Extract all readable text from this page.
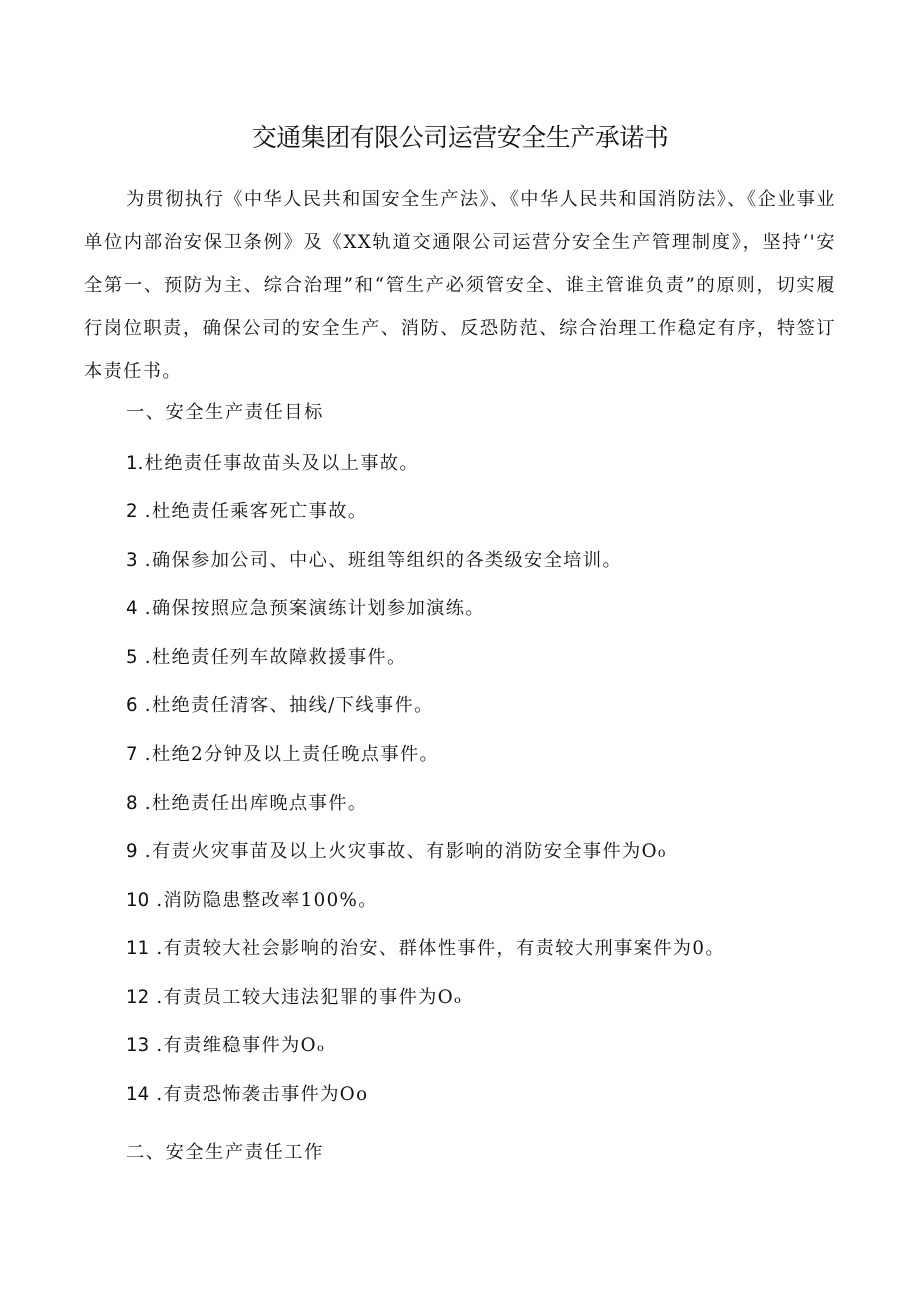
交通集团有限公司运营安全生产承诺书
为贯彻执行《中华人民共和国安全生产法》、《中华人民共和国消防法》、《企业事业单位内部治安保卫条例》及《XX轨道交通限公司运营分安全生产管理制度》，坚持‘'安全第一、预防为主、综合治理”和“管生产必须管安全、谁主管谁负责”的原则，切实履行岗位职责，确保公司的安全生产、消防、反恐防范、综合治理工作稳定有序，特签订本责任书。
一、安全生产责任目标
1.杜绝责任事故苗头及以上事故。
2 .杜绝责任乘客死亡事故。
3 .确保参加公司、中心、班组等组织的各类级安全培训。
4 .确保按照应急预案演练计划参加演练。
5 .杜绝责任列车故障救援事件。
6 .杜绝责任清客、抽线/下线事件。
7 .杜绝2分钟及以上责任晚点事件。
8 .杜绝责任出库晚点事件。
9 .有责火灾事苗及以上火灾事故、有影响的消防安全事件为O₀
10 .消防隐患整改率100%。
11 .有责较大社会影响的治安、群体性事件，有责较大刑事案件为0。
12 .有责员工较大违法犯罪的事件为Oₒ
13 .有责维稳事件为Oₒ
14 .有责恐怖袭击事件为Oo
二、安全生产责任工作
